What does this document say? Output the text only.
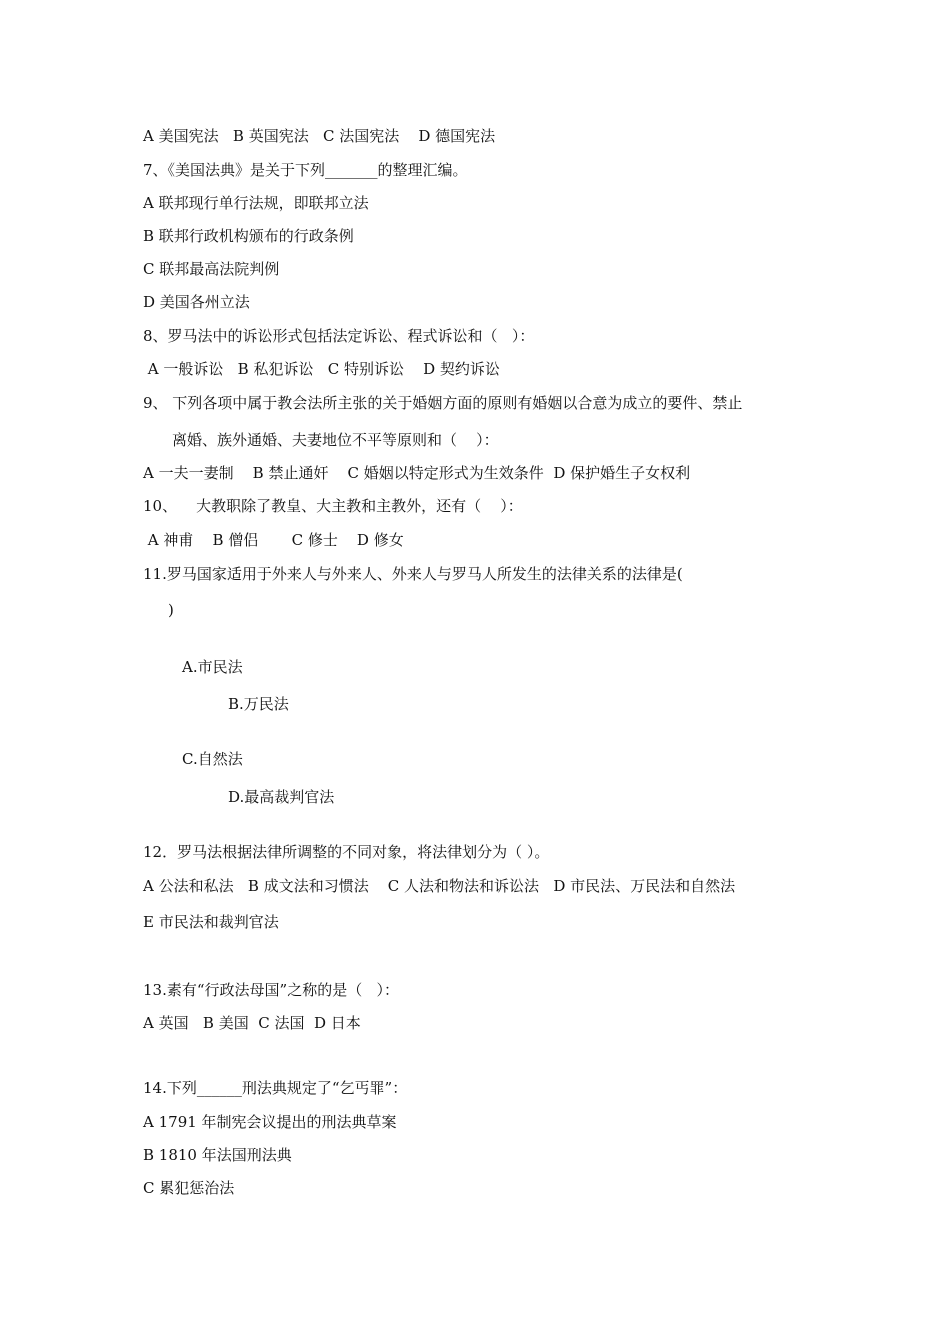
A 美国宪法   B 英国宪法   C 法国宪法    D 德国宪法
7、《美国法典》是关于下列_______的整理汇编。
A 联邦现行单行法规，即联邦立法
B 联邦行政机构颁布的行政条例
C 联邦最高法院判例
D 美国各州立法
8、罗马法中的诉讼形式包括法定诉讼、程式诉讼和（   ）：
A 一般诉讼   B 私犯诉讼   C 特别诉讼    D 契约诉讼
9、 下列各项中属于教会法所主张的关于婚姻方面的原则有婚姻以合意为成立的要件、禁止
离婚、族外通婚、夫妻地位不平等原则和（    ）：
A 一夫一妻制    B 禁止通奸    C 婚姻以特定形式为生效条件  D 保护婚生子女权利
10、    大教职除了教皇、大主教和主教外，还有（    ）：
A 神甫    B 僧侣       C 修士    D 修女
11.罗马国家适用于外来人与外来人、外来人与罗马人所发生的法律关系的法律是(
)
A.市民法
B.万民法
C.自然法
D.最高裁判官法
12．罗马法根据法律所调整的不同对象，将法律划分为（ ）。
A 公法和私法   B 成文法和习惯法    C 人法和物法和诉讼法   D 市民法、万民法和自然法
E 市民法和裁判官法
13.素有“行政法母国”之称的是（   ）：
A 英国   B 美国  C 法国  D 日本
14.下列______刑法典规定了“乞丐罪”：
A 1791 年制宪会议提出的刑法典草案
B 1810 年法国刑法典
C 累犯惩治法
